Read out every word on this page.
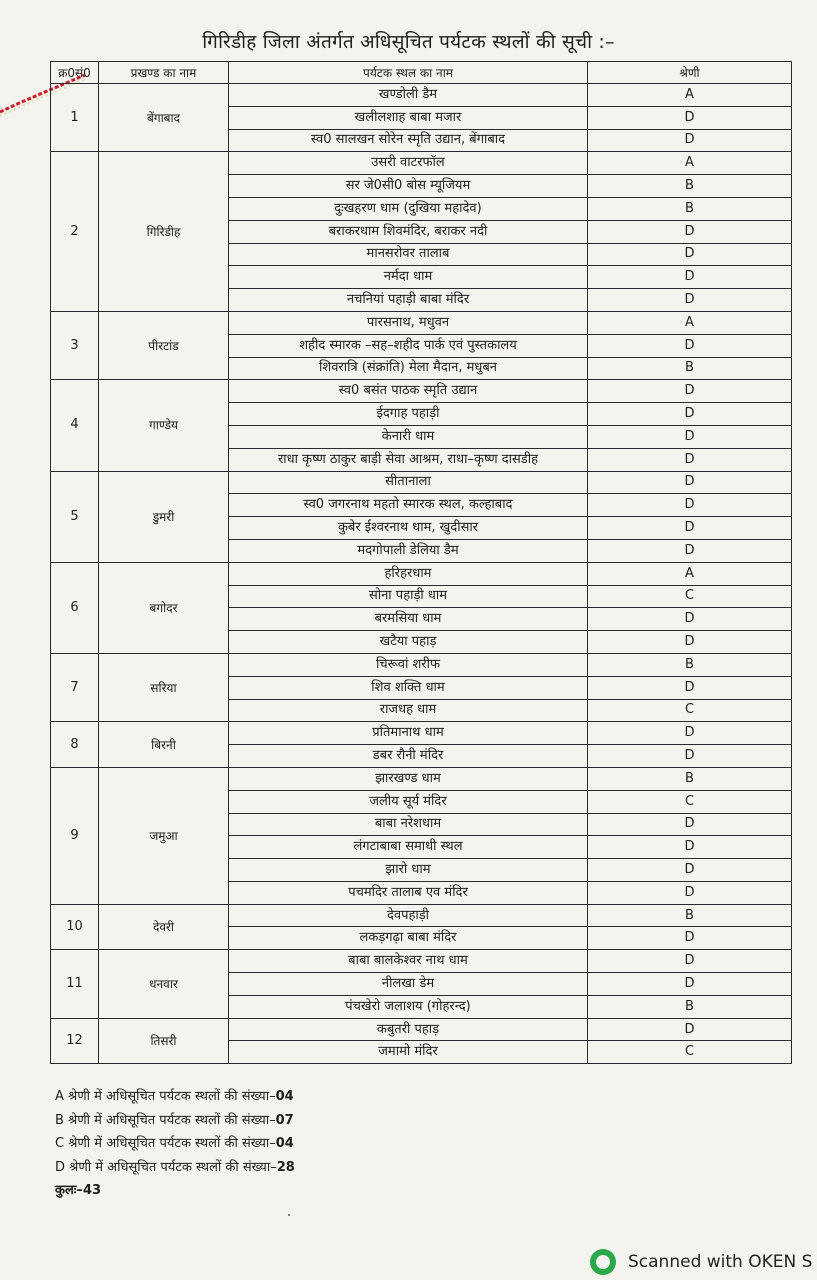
गिरिडीह जिला अंतर्गत अधिसूचित पर्यटक स्थलों की सूची :–
क्र0सं0	प्रखण्ड का नाम	पर्यटक स्थल का नाम	श्रेणी
1	बेंगाबाद	खण्डोली डैम	A
		खलीलशाह बाबा मजार	D
		स्व0 सालखन सोरेन स्मृति उद्यान, बेंगाबाद	D
2	गिरिडीह	उसरी वाटरफॉल	A
		सर जे0सी0 बोस म्यूजियम	B
		दुःखहरण धाम (दुखिया महादेव)	B
		बराकरधाम शिवमंदिर, बराकर नदी	D
		मानसरोवर तालाब	D
		नर्मदा धाम	D
		नचनियां पहाड़ी बाबा मंदिर	D
3	पीरटांड	पारसनाथ, मधुवन	A
		शहीद स्मारक –सह–शहीद पार्क एवं पुस्तकालय	D
		शिवरात्रि (संक्रांति) मेला मैदान, मधुबन	B
4	गाण्डेय	स्व0 बसंत पाठक स्मृति उद्यान	D
		ईदगाह पहाड़ी	D
		केनारी धाम	D
		राधा कृष्ण ठाकुर बाड़ी सेवा आश्रम, राधा–कृष्ण दासडीह	D
5	डुमरी	सीतानाला	D
		स्व0 जगरनाथ महतो स्मारक स्थल, कल्हाबाद	D
		कुबेर ईश्वरनाथ धाम, खुदीसार	D
		मदगोपाली डेलिया डैम	D
6	बगोदर	हरिहरधाम	A
		सोना पहाड़ी धाम	C
		बरमसिया धाम	D
		खटैया पहाड़	D
7	सरिया	चिरूवां शरीफ	B
		शिव शक्ति धाम	D
		राजधह धाम	C
8	बिरनी	प्रतिमानाथ धाम	D
		डबर रौनी मंदिर	D
9	जमुआ	झारखण्ड धाम	B
		जलीय सूर्य मंदिर	C
		बाबा नरेशधाम	D
		लंगटाबाबा समाधी स्थल	D
		झारो धाम	D
		पचमदिर तालाब एव मंदिर	D
10	देवरी	देवपहाड़ी	B
		लकड़गढ़ा बाबा मंदिर	D
11	धनवार	बाबा बालकेश्वर नाथ धाम	D
		नीलखा डेम	D
		पंचखेरो जलाशय (गोहरन्द)	B
12	तिसरी	कबुतरी पहाड़	D
		जमामो मंदिर	C
A श्रेणी में अधिसूचित पर्यटक स्थलों की संख्या–04
B श्रेणी में अधिसूचित पर्यटक स्थलों की संख्या–07
C श्रेणी में अधिसूचित पर्यटक स्थलों की संख्या–04
D श्रेणी में अधिसूचित पर्यटक स्थलों की संख्या–28
कुलः–43
Scanned with OKEN S
